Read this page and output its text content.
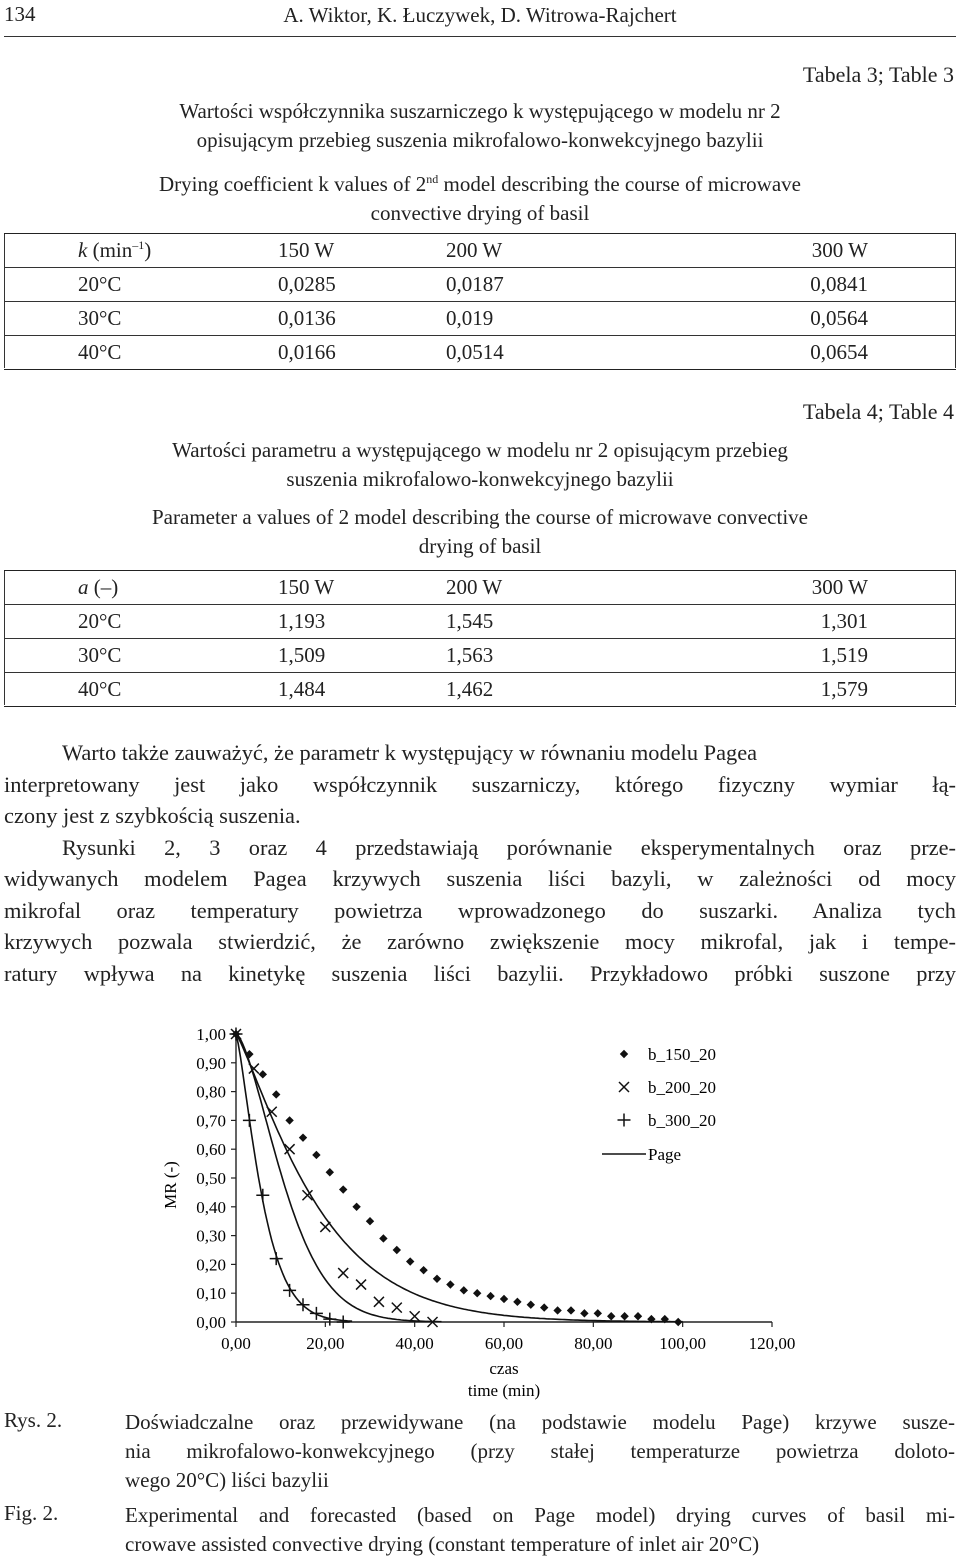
134	A. Wiktor, K. Łuczywek, D. Witrowa-Rajchert
Tabela 3; Table 3
Wartości współczynnika suszarniczego k występującego w modelu nr 2
opisującym przebieg suszenia mikrofalowo-konwekcyjnego bazylii
Drying coefficient k values of 2nd model describing the course of microwave
convective drying of basil
k $(\min^{-1})$	150 W	200 W	300 W
20°C	0,0285	0,0187	0,0841
30°C	0,0136	0,019	0,0564
40°C	0,0166	0,0514	0,0654
Tabela 4; Table 4
Wartości parametru a występującego w modelu nr 2 opisującym przebieg
suszenia mikrofalowo-konwekcyjnego bazylii
Parameter a values of 2 model describing the course of microwave convective
drying of basil
a (–)	150 W	200 W	300 W
20°C	1,193	1,545	1,301
30°C	1,509	1,563	1,519
40°C	1,484	1,462	1,579
Warto także zauważyć, że parametr k występujący w równaniu modelu Pagea
interpretowany jest jako współczynnik suszarniczy, którego fizyczny wymiar łą-
czony jest z szybkością suszenia.
Rysunki 2, 3 oraz 4 przedstawiają porównanie eksperymentalnych oraz prze-
widywanych modelem Pagea krzywych suszenia liści bazyli, w zależności od mocy
mikrofal oraz temperatury powietrza wprowadzonego do suszarki. Analiza tych
krzywych pozwala stwierdzić, że zarówno zwiększenie mocy mikrofal, jak i tempe-
ratury wpływa na kinetykę suszenia liści bazylii. Przykładowo próbki suszone przy
0,00
0,10
0,20
0,30
0,40
0,50
0,60
0,70
0,80
0,90
1,00
0,00	20,00	40,00	60,00	80,00	100,00	120,00
b_150_20
b_200_20
b_300_20
Page
MR (-)
czas
time (min)
Rys. 2.	Doświadczalne oraz przewidywane (na podstawie modelu Page) krzywe susze-
nia mikrofalowo-konwekcyjnego (przy stałej temperaturze powietrza doloto-
wego 20°C) liści bazylii
Fig. 2.	Experimental and forecasted (based on Page model) drying curves of basil mi-
crowave assisted convective drying (constant temperature of inlet air 20°C)
